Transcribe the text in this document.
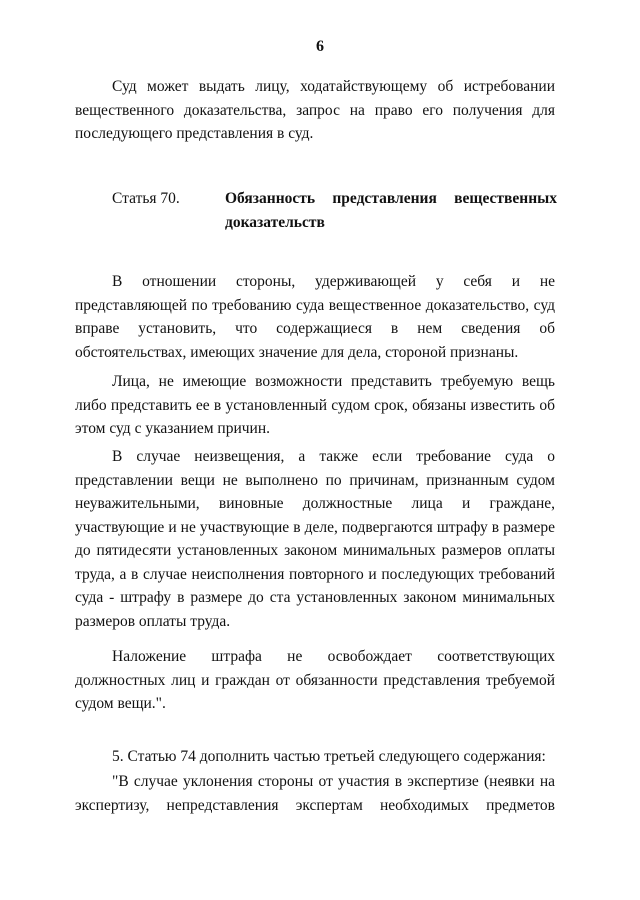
6

Суд может выдать лицу, ходатайствующему об истребовании вещественного доказательства, запрос на право его получения для последующего представления в суд.

Статья 70.	Обязанность представления вещественных
доказательств

В отношении стороны, удерживающей у себя и не представляющей по требованию суда вещественное доказательство, суд вправе установить, что содержащиеся в нем сведения об обстоятельствах, имеющих значение для дела, стороной признаны.

Лица, не имеющие возможности представить требуемую вещь либо представить ее в установленный судом срок, обязаны известить об этом суд с указанием причин.

В случае неизвещения, а также если требование суда о представлении вещи не выполнено по причинам, признанным судом неуважительными, виновные должностные лица и граждане, участвующие и не участвующие в деле, подвергаются штрафу в размере до пятидесяти установленных законом минимальных размеров оплаты труда, а в случае неисполнения повторного и последующих требований суда - штрафу в размере до ста установленных законом минимальных размеров оплаты труда.

Наложение штрафа не освобождает соответствующих должностных лиц и граждан от обязанности представления требуемой судом вещи.".

5. Статью 74 дополнить частью третьей следующего содержания:

"В случае уклонения стороны от участия в экспертизе (неявки на экспертизу, непредставления экспертам необходимых предметов
